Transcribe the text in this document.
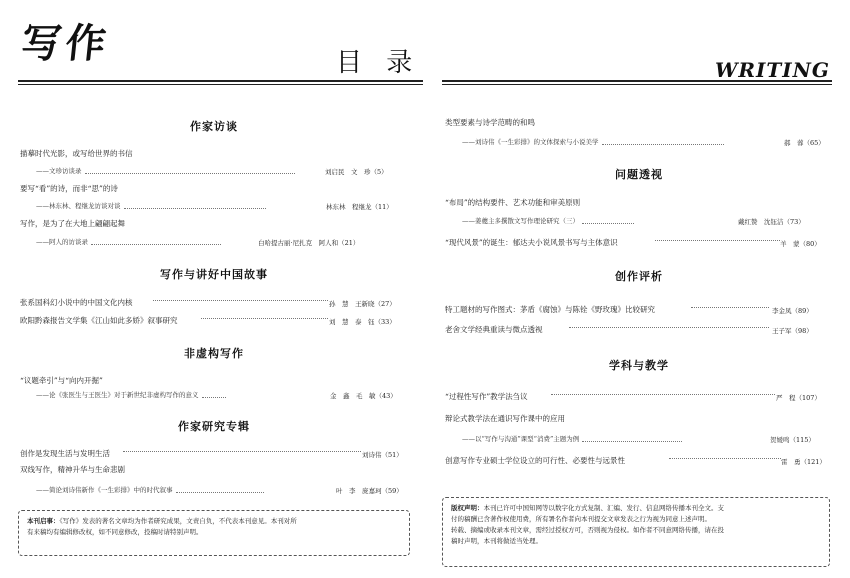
写作	目 录	WRITING
作家访谈
描摹时代光影，或写给世界的书信
——文珍访谈录	刘启民　文　珍（5）
要写“看”的诗，而非“思”的诗
——林东林、程继龙访谈对谈	林东林　程继龙（11）
写作，是为了在大地上翩翩起舞
——阿人的访谈录	白哈提古丽·尼扎克　阿人和（21）
写作与讲好中国故事
张系国科幻小说中的中国文化内核	孙　慧　王新晓（27）
欧阳黔森报告文学集《江山如此多娇》叙事研究	刘　慧　泰　钰（33）
非虚构写作
“议题牵引”与“向内开掘”
——论《张医生与王医生》对于新世纪非虚构写作的意义	金　鑫　毛　敏（43）
作家研究专辑
创作是发现生活与发明生活	刘诗伟（51）
双线写作，精神升华与生命悲剧
——简论刘诗伟新作《一生彩排》中的时代叙事	叶　李　庞嘉珂（59）
本刊启事：《写作》发表的著名文章均为作者研究成果，文责自负，不代表本刊意见。本刊对所
有来稿均有编辑修改权，如不同意修改，投稿时请特别声明。
类型要素与诗学范畴的和鸣
——刘诗伟《一生彩排》的文体探索与小说美学	郝　蓉（65）
问题透视
“布局”的结构要件、艺术功能和审美原则
——姜夔主多撰散文写作理论研究（三）	戴红赞　沈钰洁（73）
“现代风景”的诞生：郁达夫小说风景书写与主体意识	羊　蒙（80）
创作评析
特工题材的写作图式：茅盾《腐蚀》与陈铨《野玫瑰》比较研究	李金凤（89）
老舍文学经典重读与微点透视	王子军（98）
学科与教学
“过程性写作”教学法刍议	严　程（107）
辩论式教学法在通识写作课中的应用
——以“写作与沟通”课型“消费”主题为例	贺媛鸣（115）
创意写作专业硕士学位设立的可行性、必要性与远景性	雷　勇（121）
版权声明：本刊已许可中国知网等以数字化方式复制、汇编、发行、信息网络传播本刊全文。支
付的稿酬已含著作权使用费，所有署名作者向本刊提交文章发表之行为视为同意上述声明。
转载、摘编或收录本刊文章，需经过授权方可，否则视为侵权。如作者不同意网络传播，请在投
稿时声明，本刊将做适当处理。
